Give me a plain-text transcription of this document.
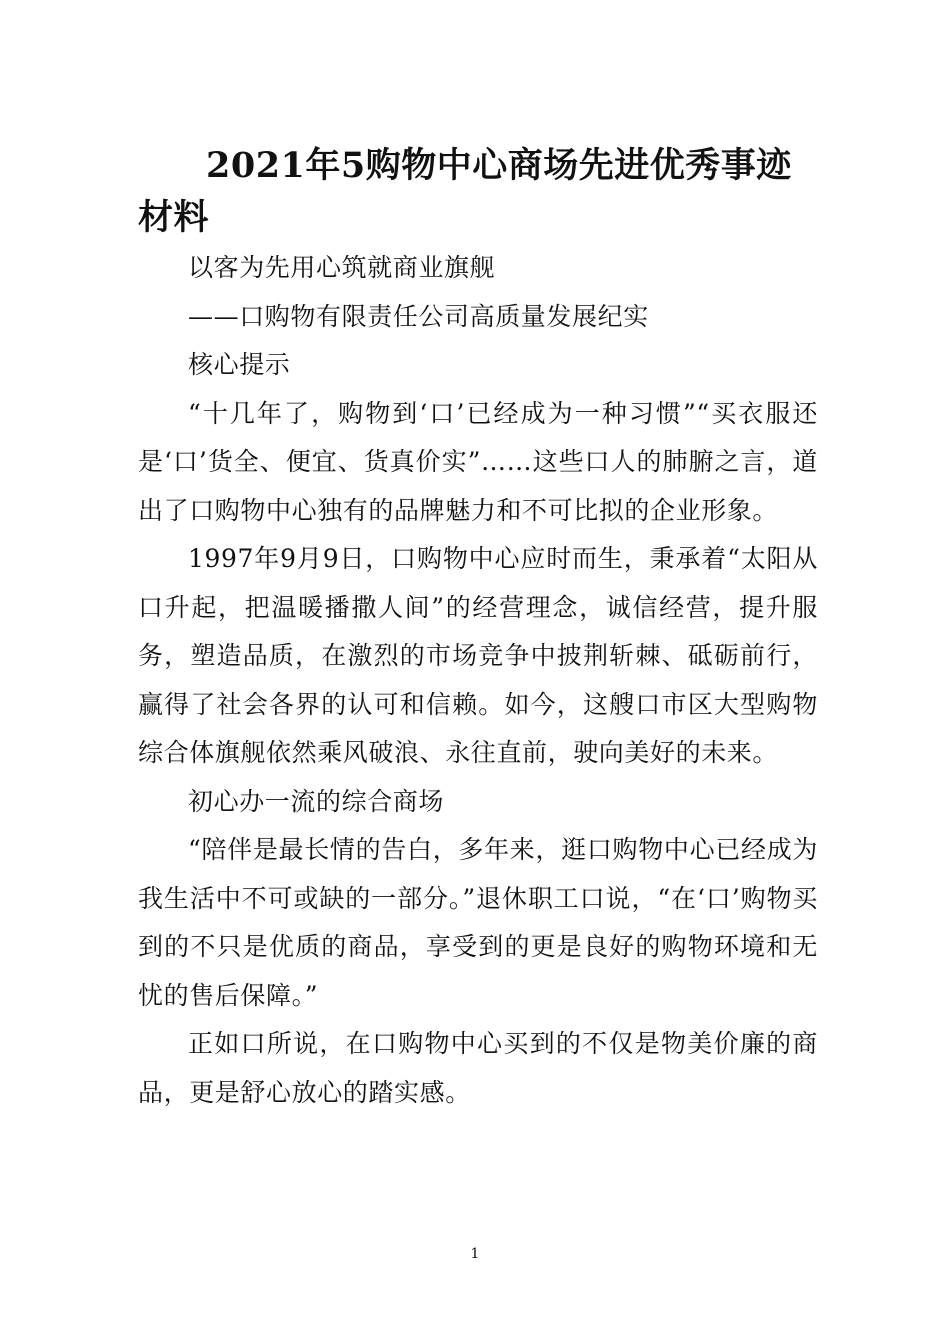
2021年5购物中心商场先进优秀事迹材料

以客为先用心筑就商业旗舰

——口购物有限责任公司高质量发展纪实

核心提示

“十几年了，购物到‘口’已经成为一种习惯”“买衣服还是‘口’货全、便宜、货真价实”……这些口人的肺腑之言，道出了口购物中心独有的品牌魅力和不可比拟的企业形象。

1997年9月9日，口购物中心应时而生，秉承着“太阳从口升起，把温暖播撒人间”的经营理念，诚信经营，提升服务，塑造品质，在激烈的市场竞争中披荆斩棘、砥砺前行，赢得了社会各界的认可和信赖。如今，这艘口市区大型购物综合体旗舰依然乘风破浪、永往直前，驶向美好的未来。

初心办一流的综合商场

“陪伴是最长情的告白，多年来，逛口购物中心已经成为我生活中不可或缺的一部分。”退休职工口说，“在‘口’购物买到的不只是优质的商品，享受到的更是良好的购物环境和无忧的售后保障。”

正如口所说，在口购物中心买到的不仅是物美价廉的商品，更是舒心放心的踏实感。

1
